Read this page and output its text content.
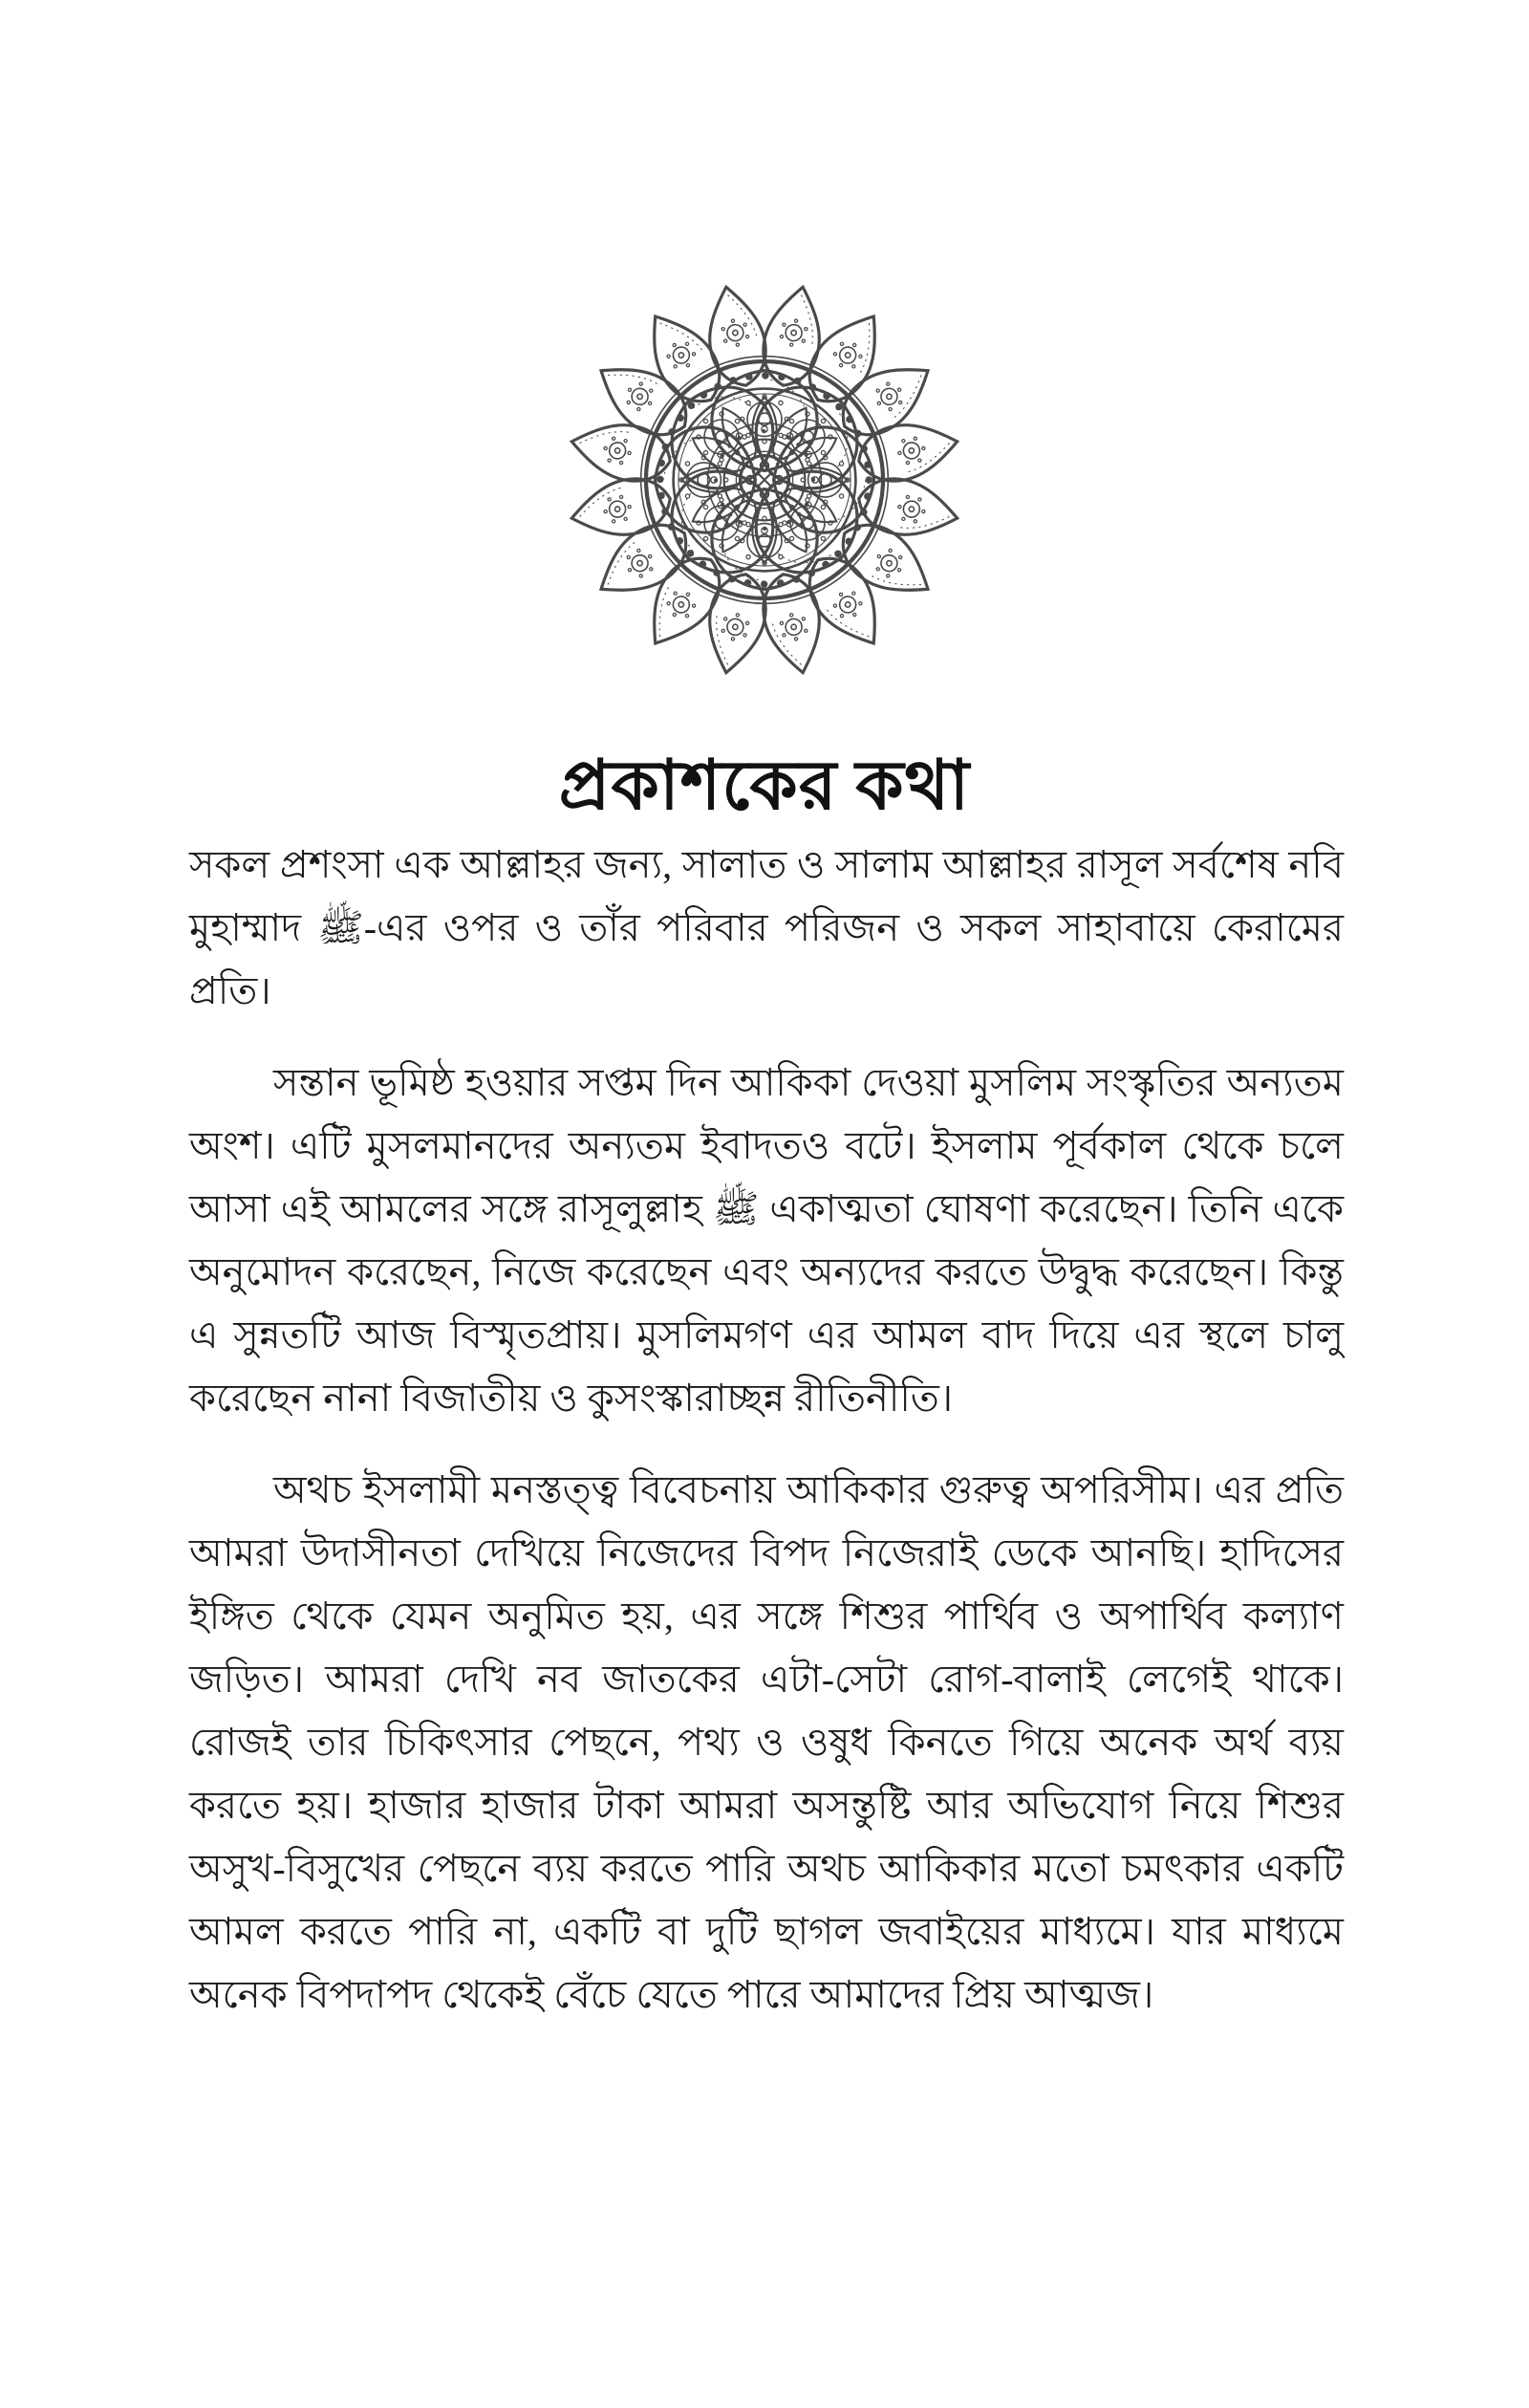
প্রকাশকের কথা

সকল প্রশংসা এক আল্লাহর জন্য, সালাত ও সালাম আল্লাহর রাসূল সর্বশেষ নবি মুহাম্মাদ ﷺ-এর ওপর ও তাঁর পরিবার পরিজন ও সকল সাহাবায়ে কেরামের প্রতি।

সন্তান ভূমিষ্ঠ হওয়ার সপ্তম দিন আকিকা দেওয়া মুসলিম সংস্কৃতির অন্যতম অংশ। এটি মুসলমানদের অন্যতম ইবাদতও বটে। ইসলাম পূর্বকাল থেকে চলে আসা এই আমলের সঙ্গে রাসূলুল্লাহ ﷺ একাত্মতা ঘোষণা করেছেন। তিনি একে অনুমোদন করেছেন, নিজে করেছেন এবং অন্যদের করতে উদ্বুদ্ধ করেছেন। কিন্তু এ সুন্নতটি আজ বিস্মৃতপ্রায়। মুসলিমগণ এর আমল বাদ দিয়ে এর স্থলে চালু করেছেন নানা বিজাতীয় ও কুসংস্কারাচ্ছন্ন রীতিনীতি।

অথচ ইসলামী মনস্তত্ত্ব বিবেচনায় আকিকার গুরুত্ব অপরিসীম। এর প্রতি আমরা উদাসীনতা দেখিয়ে নিজেদের বিপদ নিজেরাই ডেকে আনছি। হাদিসের ইঙ্গিত থেকে যেমন অনুমিত হয়, এর সঙ্গে শিশুর পার্থিব ও অপার্থিব কল্যাণ জড়িত। আমরা দেখি নব জাতকের এটা-সেটা রোগ-বালাই লেগেই থাকে। রোজই তার চিকিৎসার পেছনে, পথ্য ও ওষুধ কিনতে গিয়ে অনেক অর্থ ব্যয় করতে হয়। হাজার হাজার টাকা আমরা অসন্তুষ্টি আর অভিযোগ নিয়ে শিশুর অসুখ-বিসুখের পেছনে ব্যয় করতে পারি অথচ আকিকার মতো চমৎকার একটি আমল করতে পারি না, একটি বা দুটি ছাগল জবাইয়ের মাধ্যমে। যার মাধ্যমে অনেক বিপদাপদ থেকেই বেঁচে যেতে পারে আমাদের প্রিয় আত্মজ।
